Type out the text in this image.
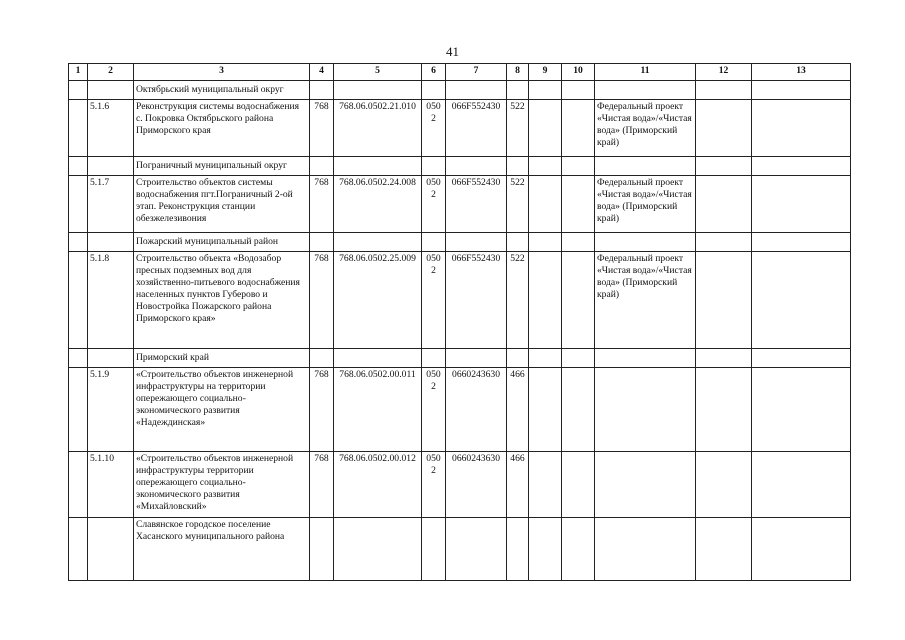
41
1	2	3	4	5	6	7	8	9	10	11	12	13
		Октябрьский муниципальный округ										
	5.1.6	Реконструкция системы водоснабжения с. Покровка Октябрьского района Приморского края	768	768.06.0502.21.010	0502	066F552430	522			Федеральный проект «Чистая вода»/«Чистая вода» (Приморский край)		
		Пограничный муниципальный округ										
	5.1.7	Строительство объектов системы водоснабжения пгт.Пограничный 2-ой этап. Реконструкция станции обезжелезивония	768	768.06.0502.24.008	0502	066F552430	522			Федеральный проект «Чистая вода»/«Чистая вода» (Приморский край)		
		Пожарский муниципальный район										
	5.1.8	Строительство объекта «Водозабор пресных подземных вод для хозяйственно-питьевого водоснабжения населенных пунктов Губерово и Новостройка Пожарского района Приморского края»	768	768.06.0502.25.009	0502	066F552430	522			Федеральный проект «Чистая вода»/«Чистая вода» (Приморский край)		
		Приморский край										
	5.1.9	«Строительство объектов инженерной инфраструктуры на территории опережающего социально-экономического развития «Надеждинская»	768	768.06.0502.00.011	0502	0660243630	466					
	5.1.10	«Строительство объектов инженерной инфраструктуры территории опережающего социально-экономического развития «Михайловский»	768	768.06.0502.00.012	0502	0660243630	466					
		Славянское городское поселение Хасанского муниципального района										
